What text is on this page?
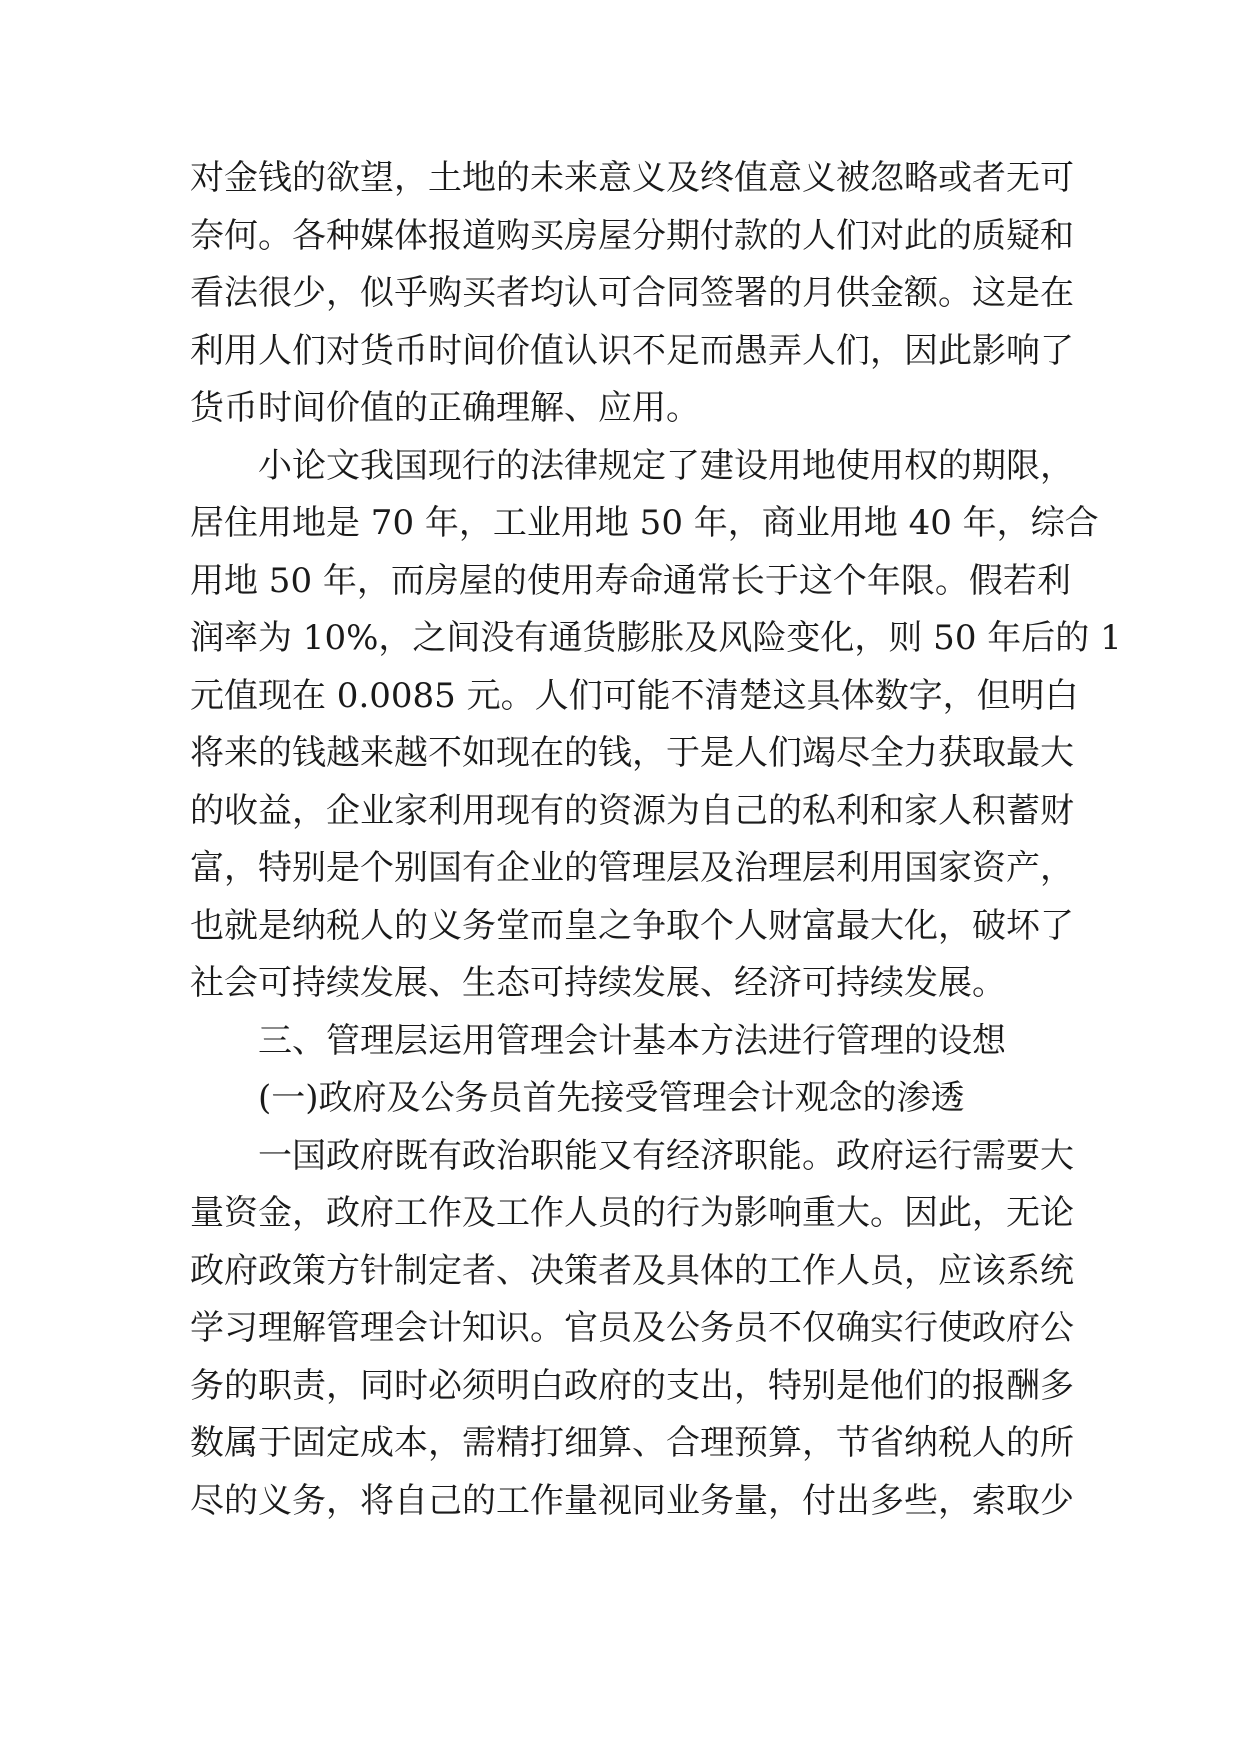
对金钱的欲望，土地的未来意义及终值意义被忽略或者无可
奈何。各种媒体报道购买房屋分期付款的人们对此的质疑和
看法很少，似乎购买者均认可合同签署的月供金额。这是在
利用人们对货币时间价值认识不足而愚弄人们，因此影响了
货币时间价值的正确理解、应用。
小论文我国现行的法律规定了建设用地使用权的期限，
居住用地是 70 年，工业用地 50 年，商业用地 40 年，综合
用地 50 年，而房屋的使用寿命通常长于这个年限。假若利
润率为 10%，之间没有通货膨胀及风险变化，则 50 年后的 1
元值现在 0.0085 元。人们可能不清楚这具体数字，但明白
将来的钱越来越不如现在的钱，于是人们竭尽全力获取最大
的收益，企业家利用现有的资源为自己的私利和家人积蓄财
富，特别是个别国有企业的管理层及治理层利用国家资产，
也就是纳税人的义务堂而皇之争取个人财富最大化，破坏了
社会可持续发展、生态可持续发展、经济可持续发展。
三、管理层运用管理会计基本方法进行管理的设想
(一)政府及公务员首先接受管理会计观念的渗透
一国政府既有政治职能又有经济职能。政府运行需要大
量资金，政府工作及工作人员的行为影响重大。因此，无论
政府政策方针制定者、决策者及具体的工作人员，应该系统
学习理解管理会计知识。官员及公务员不仅确实行使政府公
务的职责，同时必须明白政府的支出，特别是他们的报酬多
数属于固定成本，需精打细算、合理预算，节省纳税人的所
尽的义务，将自己的工作量视同业务量，付出多些，索取少
